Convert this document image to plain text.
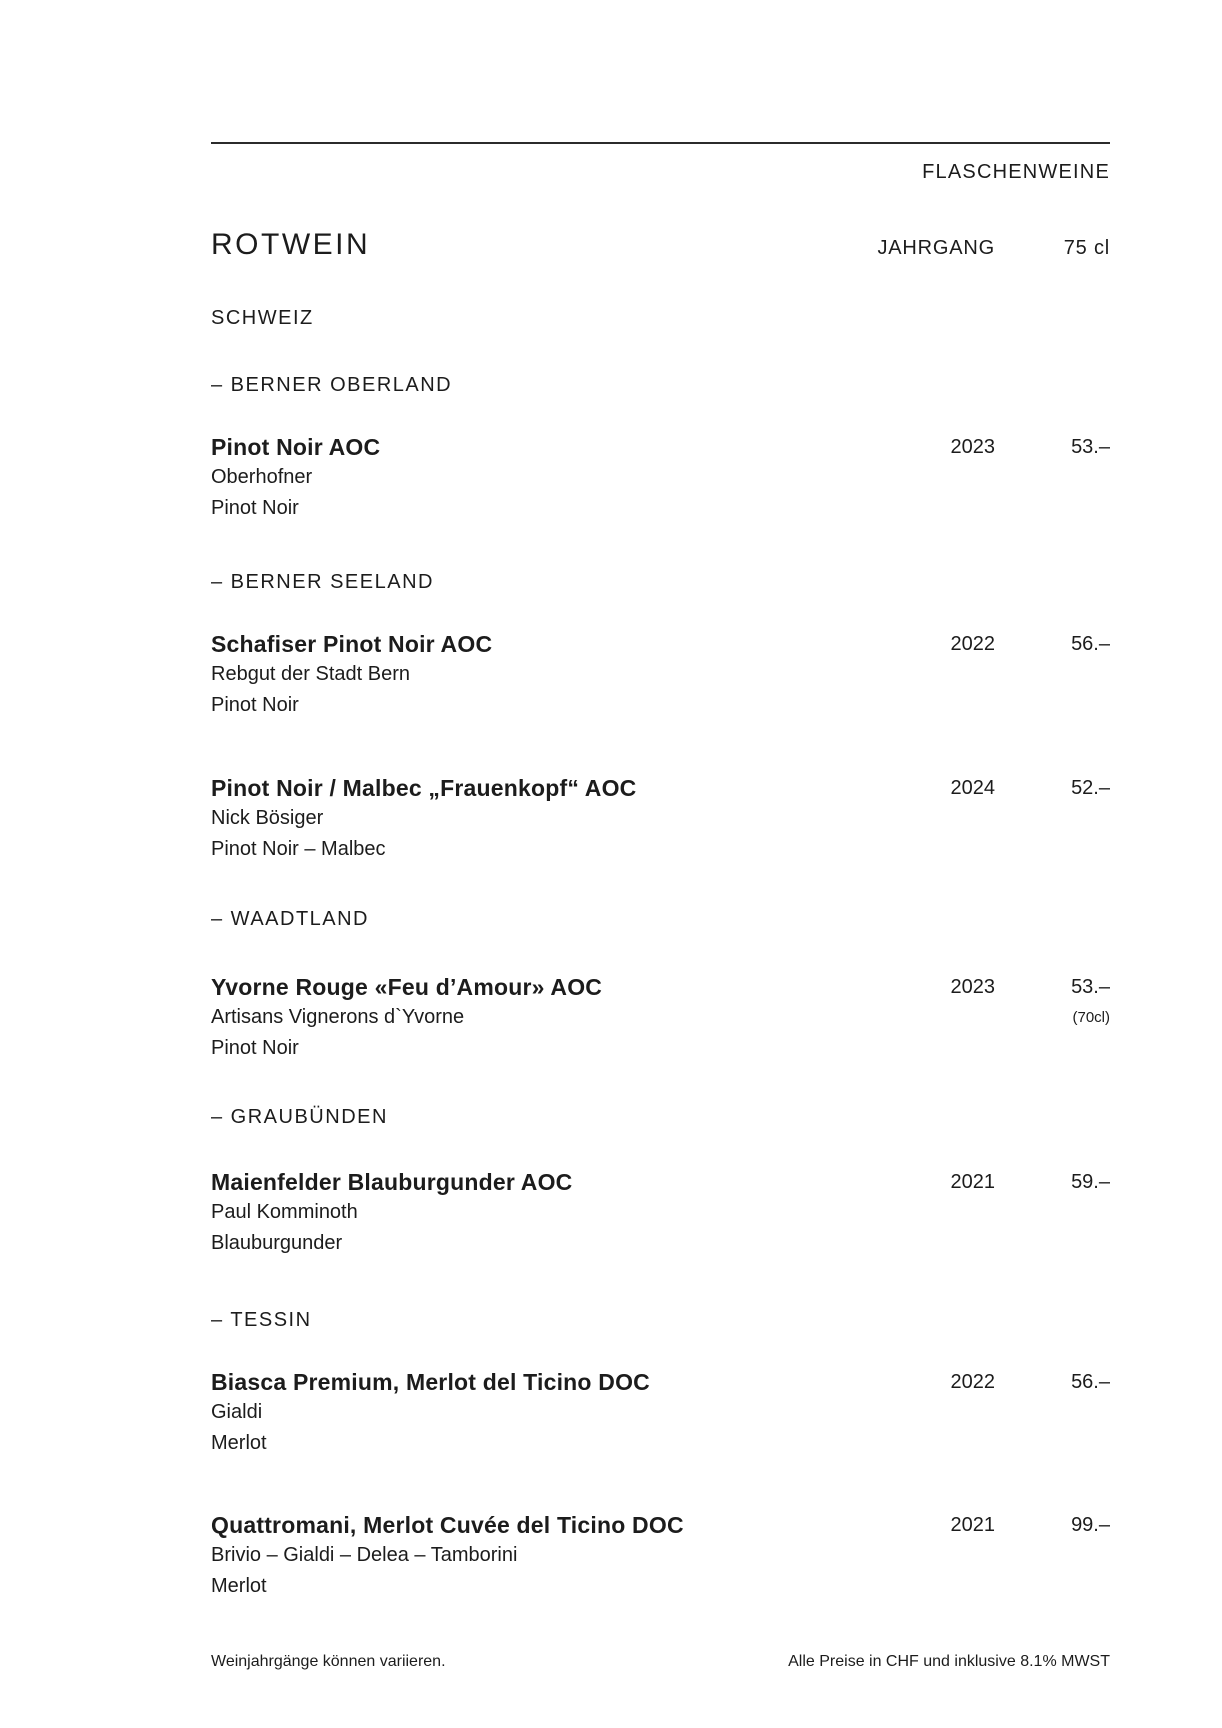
FLASCHENWEINE
ROTWEIN	JAHRGANG	75 cl
SCHWEIZ
– BERNER OBERLAND
Pinot Noir AOC
Oberhofner
Pinot Noir
2023	53.–
– BERNER SEELAND
Schafiser Pinot Noir AOC
Rebgut der Stadt Bern
Pinot Noir
2022	56.–
Pinot Noir / Malbec „Frauenkopf“ AOC
Nick Bösiger
Pinot Noir – Malbec
2024	52.–
– WAADTLAND
Yvorne Rouge «Feu d’Amour» AOC
Artisans Vignerons d`Yvorne
Pinot Noir
2023	53.–
(70cl)
– GRAUBÜNDEN
Maienfelder Blauburgunder AOC
Paul Komminoth
Blauburgunder
2021	59.–
– TESSIN
Biasca Premium, Merlot del Ticino DOC
Gialdi
Merlot
2022	56.–
Quattromani, Merlot Cuvée del Ticino DOC
Brivio – Gialdi – Delea – Tamborini
Merlot
2021	99.–
Weinjahrgänge können variieren.	Alle Preise in CHF und inklusive 8.1% MWST
